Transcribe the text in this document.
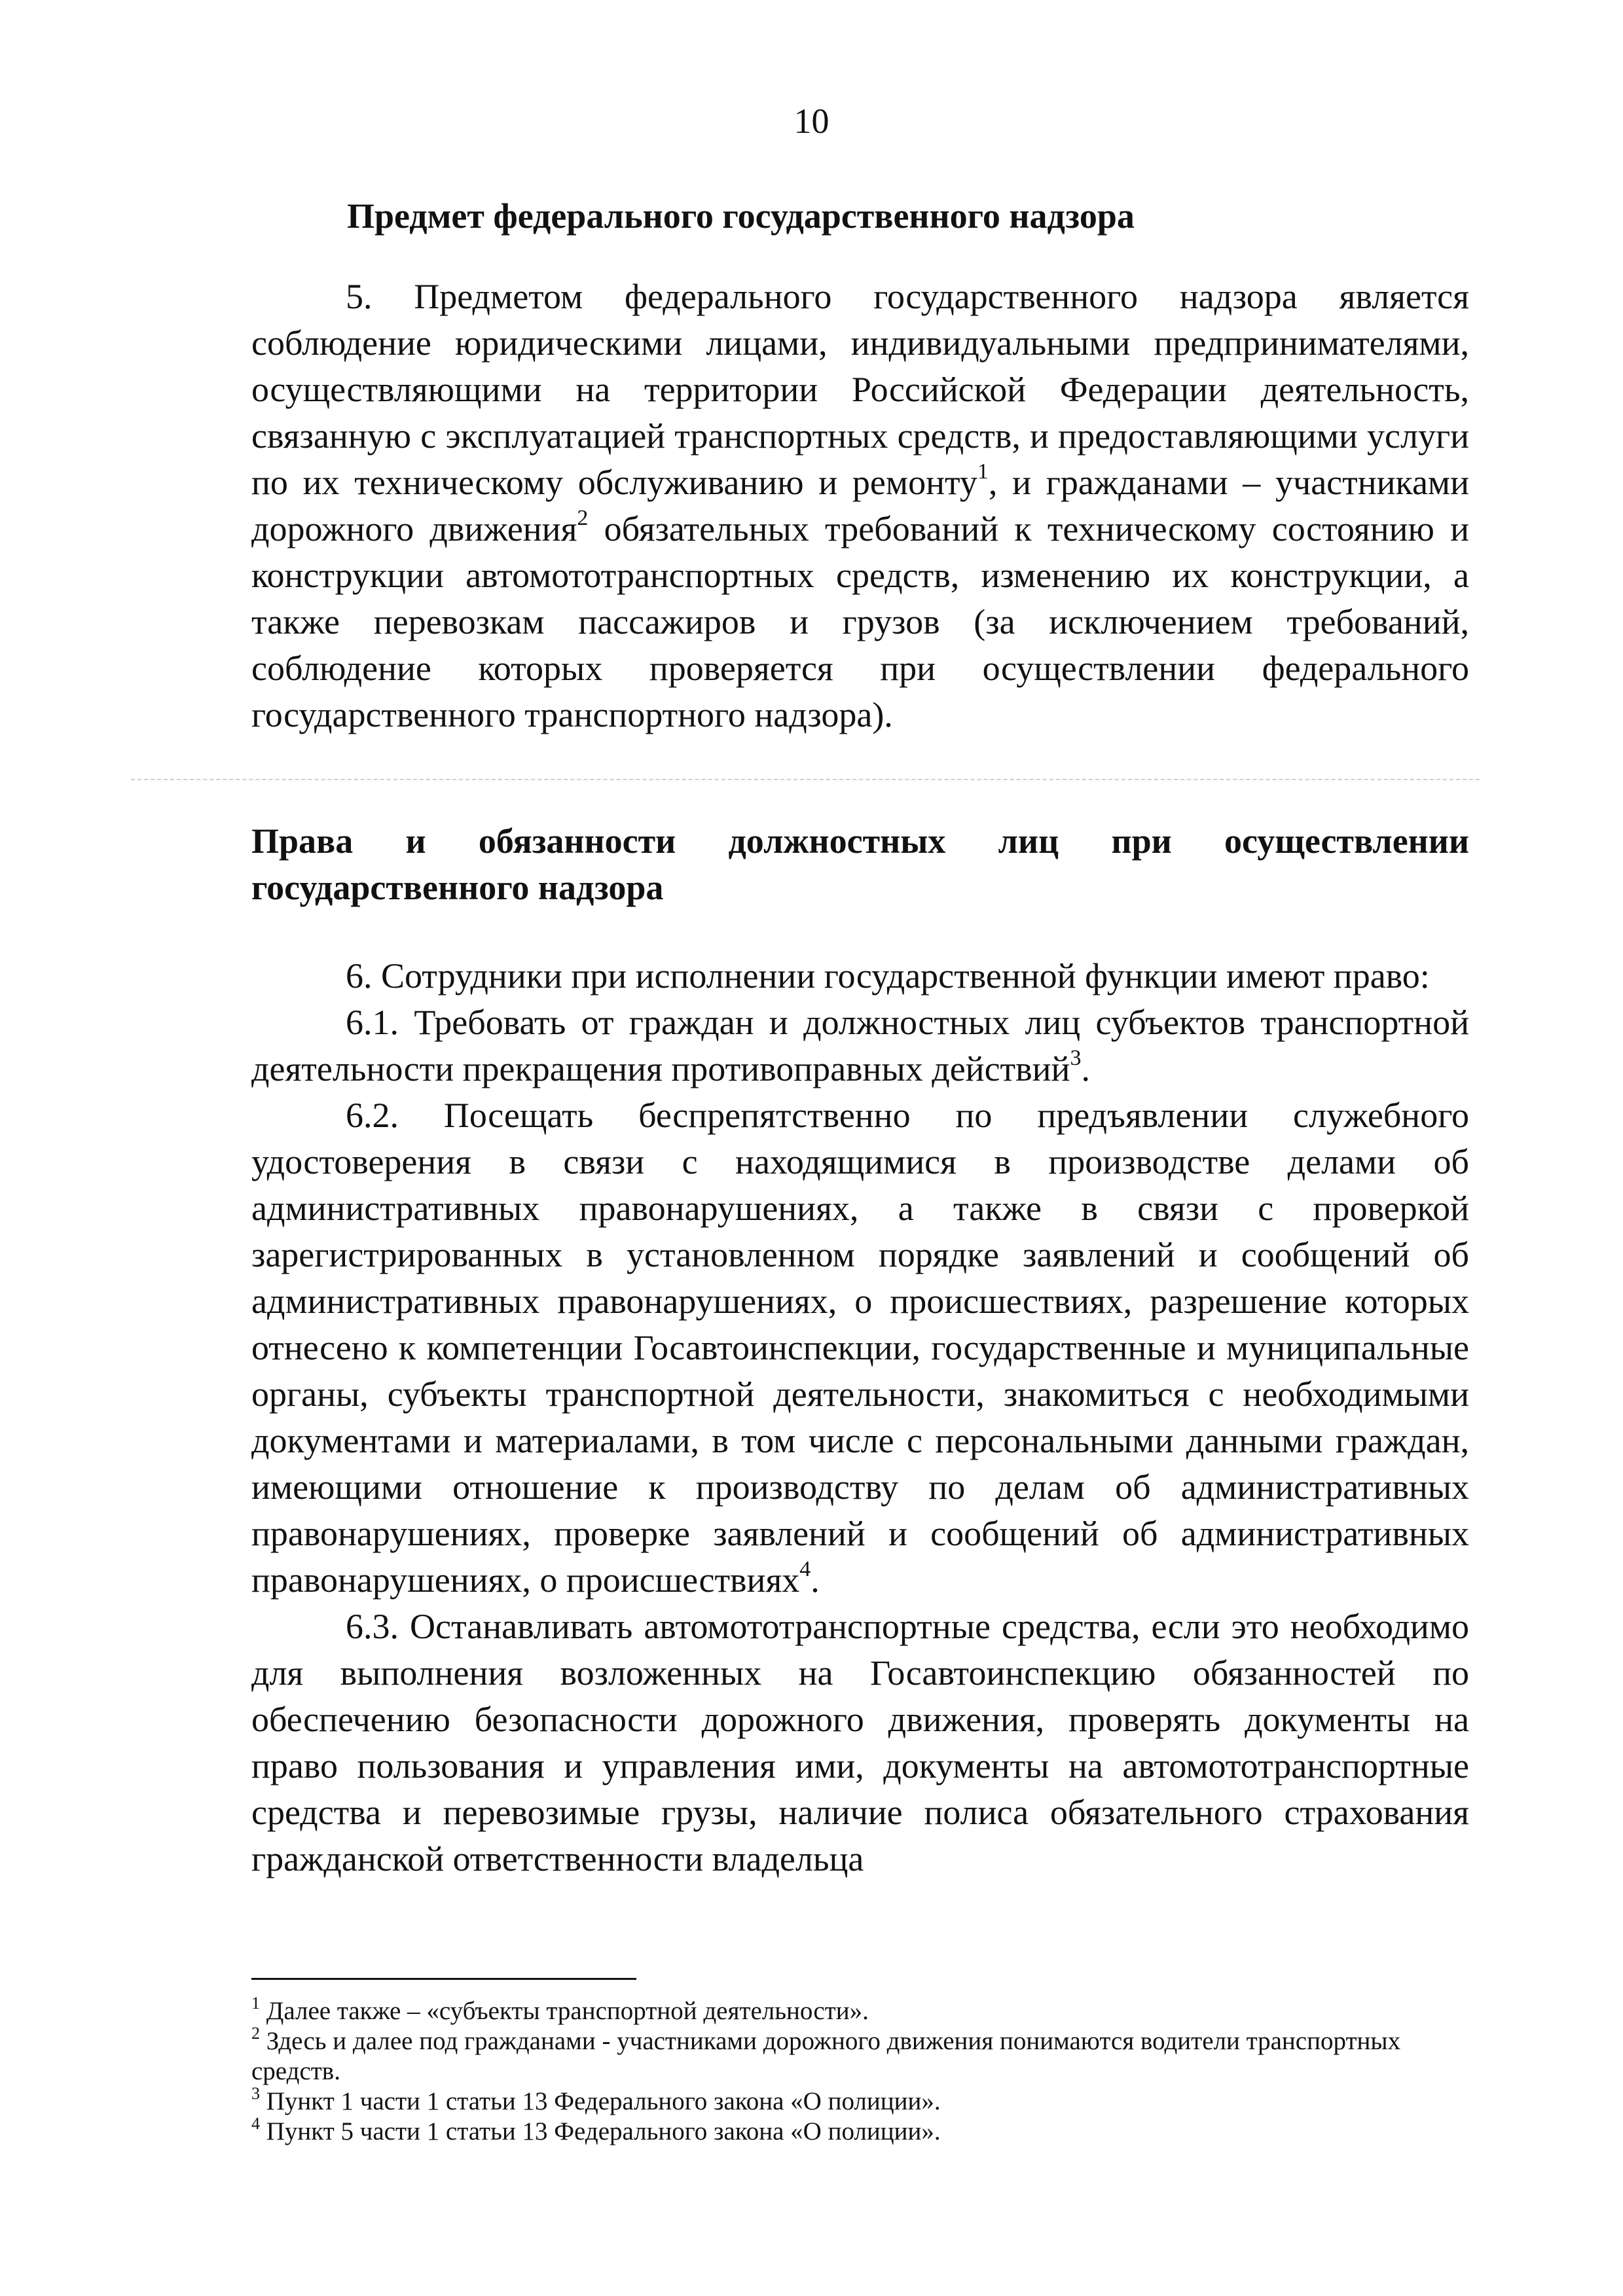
10
Предмет федерального государственного надзора

5. Предметом федерального государственного надзора является соблюдение юридическими лицами, индивидуальными предпринимателями, осуществляющими на территории Российской Федерации деятельность, связанную с эксплуатацией транспортных средств, и предоставляющими услуги по их техническому обслуживанию и ремонту$^1$, и гражданами – участниками дорожного движения$^2$ обязательных требований к техническому состоянию и конструкции автомототранспортных средств, изменению их конструкции, а также перевозкам пассажиров и грузов (за исключением требований, соблюдение которых проверяется при осуществлении федерального государственного транспортного надзора).

Права и обязанности должностных лиц при осуществлении государственного надзора

6. Сотрудники при исполнении государственной функции имеют право:

6.1. Требовать от граждан и должностных лиц субъектов транспортной деятельности прекращения противоправных действий$^3$.

6.2. Посещать беспрепятственно по предъявлении служебного удостоверения в связи с находящимися в производстве делами об административных правонарушениях, а также в связи с проверкой зарегистрированных в установленном порядке заявлений и сообщений об административных правонарушениях, о происшествиях, разрешение которых отнесено к компетенции Госавтоинспекции, государственные и муниципальные органы, субъекты транспортной деятельности, знакомиться с необходимыми документами и материалами, в том числе с персональными данными граждан, имеющими отношение к производству по делам об административных правонарушениях, проверке заявлений и сообщений об административных правонарушениях, о происшествиях$^4$.

6.3. Останавливать автомототранспортные средства, если это необходимо для выполнения возложенных на Госавтоинспекцию обязанностей по обеспечению безопасности дорожного движения, проверять документы на право пользования и управления ими, документы на автомототранспортные средства и перевозимые грузы, наличие полиса обязательного страхования гражданской ответственности владельца

$^1$ Далее также – «субъекты транспортной деятельности».
$^2$ Здесь и далее под гражданами - участниками дорожного движения понимаются водители транспортных средств.
$^3$ Пункт 1 части 1 статьи 13 Федерального закона «О полиции».
$^4$ Пункт 5 части 1 статьи 13 Федерального закона «О полиции».
